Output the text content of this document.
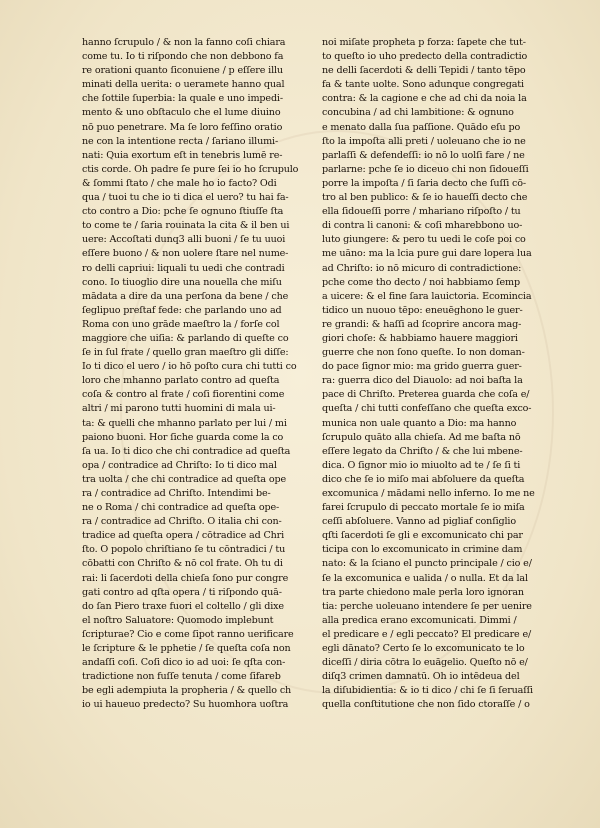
hanno ſcrupulo / & non la fanno coſi chiara
come tu. Io ti riſpondo che non debbono fa
re orationi quanto ſiconuiene / p eſſere illu
minati della uerita: o ueramete hanno qual
che ſottile ſuperbia: la quale e uno impedi-
mento & uno obſtaculo che el lume diuino
nō puo penetrare. Ma ſe loro feſſino oratio
ne con la intentione recta / ſariano illumi-
nati: Quia exortum eſt in tenebris lumē re-
ctis corde. Oh padre ſe pure ſei io ho ſcrupulo
& ſommi ſtato / che male ho io facto? Odi
qua / tuoi tu che io ti dica el uero? tu hai fa-
cto contro a Dio: pche ſe ognuno ſtiuſſe ſta
to come te / ſaria rouinata la cita & il ben ui
uere: Accoſtati dunq3 alli buoni / ſe tu uuoi
eſſere buono / & non uolere ſtare nel nume-
ro delli capriui: liquali tu uedi che contradi
cono. Io tiuoglio dire una nouella che miſu
mādata a dire da una perſona da bene / che
ſeglipuo preſtaf fede: che parlando uno ad
Roma con uno grāde maeſtro la / forſe col
maggiore che uiſia: & parlando di queſte co
ſe in ſul frate / quello gran maeſtro gli diſſe:
Io ti dico el uero / io hō poſto cura chi tutti co
loro che mhanno parlato contro ad queſta
coſa & contro al frate / coſi fiorentini come
altri / mi parono tutti huomini di mala ui-
ta: & quelli che mhanno parlato per lui / mi
paiono buoni. Hor ſiche guarda come la co
ſa ua. Io ti dico che chi contradice ad queſta
opa / contradice ad Chriſto: Io ti dico mal
tra uolta / che chi contradice ad queſta ope
ra / contradice ad Chriſto. Intendimi be-
ne o Roma / chi contradice ad queſta ope-
ra / contradice ad Chriſto. O italia chi con-
tradice ad queſta opera / cōtradice ad Chri
ſto. O popolo chriſtiano ſe tu cōntradici / tu
cōbatti con Chriſto & nō col frate. Oh tu di
rai: li ſacerdoti della chieſa ſono pur congre
gati contro ad qſta opera / ti riſpondo quā-
do ſan Piero traxe fuori el coltello / gli dixe
el noſtro Saluatore: Quomodo implebunt
ſcripturae? Cio e come ſipot ranno uerificare
le ſcripture & le pphetie / ſe queſta coſa non
andaſſi coſi. Coſi dico io ad uoi: ſe qſta con-
tradictione non fuſſe tenuta / come ſifareb
be egli adempiuta la propheria / & quello ch
io ui haueuo predecto? Su huomhora uoſtra
noi miſate propheta p forza: ſapete che tut-
to queſto io uho predecto della contradictio
ne delli ſacerdoti & delli Tepidi / tanto tēpo
fa & tante uolte. Sono adunque congregati
contra: & la cagione e che ad chi da noia la
concubina / ad chi lambitione: & ognuno
e menato dalla ſua paſſione. Quādo eſu po
ſto la impoſta alli preti / uoleuano che io ne
parlaſſi & defendeſſi: io nō lo uolſi fare / ne
parlarne: pche ſe io diceuo chi non ſidoueſſi
porre la impoſta / ſi ſaria decto che ſuſſi cō-
tro al ben publico: & ſe io haueſſi decto che
ella ſidoueſſi porre / mhariano riſpoſto / tu
di contra li canoni: & coſi mharebbono uo-
luto giungere: & pero tu uedi le coſe poi co
me uāno: ma la lcia pure gui dare lopera lua
ad Chriſto: io nō micuro di contradictione:
pche come tho decto / noi habbiamo ſemp
a uicere: & el fine ſara lauictoria. Ecomincia
tidico un nuouo tēpo: eneuēghono le guer-
re grandi: & haſſi ad ſcoprire ancora mag-
giori choſe: & habbiamo hauere maggiori
guerre che non ſono queſte. Io non doman-
do pace ſignor mio: ma grido guerra guer-
ra: guerra dico del Diauolo: ad noi baſta la
pace di Chriſto. Preterea guarda che coſa e/
queſta / chi tutti confeſſano che queſta exco-
munica non uale quanto a Dio: ma hanno
ſcrupulo quāto alla chieſa. Ad me baſta nō
eſſere legato da Chriſto / & che lui mbene-
dica. O ſignor mio io miuolto ad te / ſe ſi ti
dico che ſe io miſo mai abſoluere da queſta
excomunica / mādami nello inferno. Io me ne
farei ſcrupulo di peccato mortale ſe io miſa
ceſſi abſoluere. Vanno ad pigliaf conſiglio
qſti ſacerdoti ſe gli e excomunicato chi par
ticipa con lo excomunicato in crimine dam
nato: & la ſciano el puncto principale / cio e/
ſe la excomunica e ualida / o nulla. Et da lal
tra parte chiedono male perla loro ignoran
tia: perche uoleuano intendere ſe per uenire
alla predica erano excomunicati. Dimmi /
el predicare e / egli peccato? El predicare e/
egli dānato? Certo ſe lo excomunicato te lo
diceſſi / diria cōtra lo euāgelio. Queſto nō e/
diſq3 crimen damnatū. Oh io intēdeua del
la diſubidientia: & io ti dico / chi ſe ſi ſeruaſſi
quella conſtitutione che non ſido ctoraſſe / o
